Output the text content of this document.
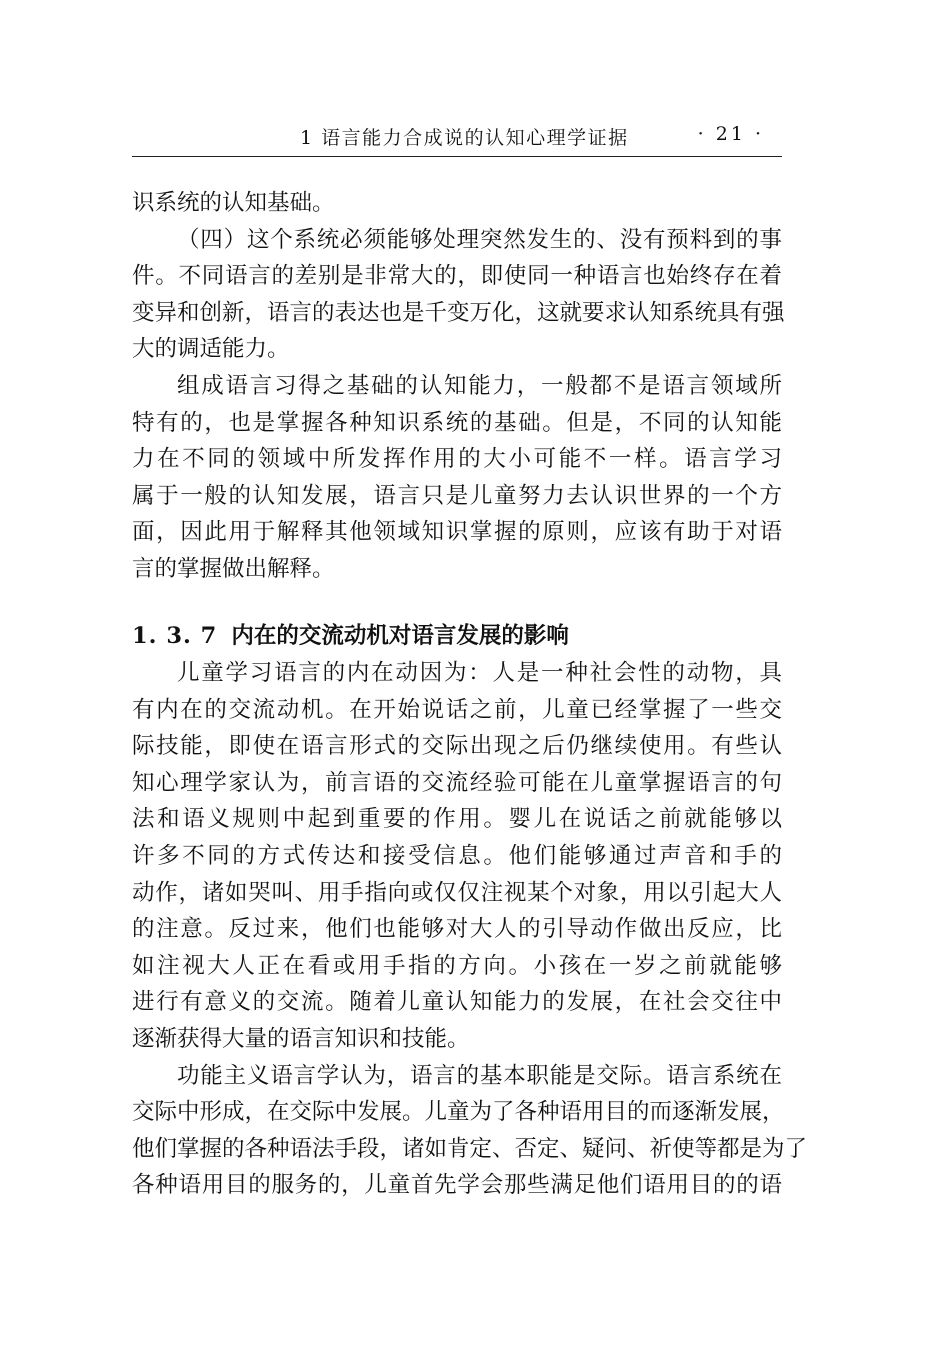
1 语言能力合成说的认知心理学证据	· 21 ·
识系统的认知基础。
（四）这个系统必须能够处理突然发生的、没有预料到的事
件。不同语言的差别是非常大的，即使同一种语言也始终存在着
变异和创新，语言的表达也是千变万化，这就要求认知系统具有强
大的调适能力。
组成语言习得之基础的认知能力，一般都不是语言领域所
特有的，也是掌握各种知识系统的基础。但是，不同的认知能
力在不同的领域中所发挥作用的大小可能不一样。语言学习
属于一般的认知发展，语言只是儿童努力去认识世界的一个方
面，因此用于解释其他领域知识掌握的原则，应该有助于对语
言的掌握做出解释。
1. 3. 7 内在的交流动机对语言发展的影响
儿童学习语言的内在动因为：人是一种社会性的动物，具
有内在的交流动机。在开始说话之前，儿童已经掌握了一些交
际技能，即使在语言形式的交际出现之后仍继续使用。有些认
知心理学家认为，前言语的交流经验可能在儿童掌握语言的句
法和语义规则中起到重要的作用。婴儿在说话之前就能够以
许多不同的方式传达和接受信息。他们能够通过声音和手的
动作，诸如哭叫、用手指向或仅仅注视某个对象，用以引起大人
的注意。反过来，他们也能够对大人的引导动作做出反应，比
如注视大人正在看或用手指的方向。小孩在一岁之前就能够
进行有意义的交流。随着儿童认知能力的发展，在社会交往中
逐渐获得大量的语言知识和技能。
功能主义语言学认为，语言的基本职能是交际。语言系统在
交际中形成，在交际中发展。儿童为了各种语用目的而逐渐发展，
他们掌握的各种语法手段，诸如肯定、否定、疑问、祈使等都是为了
各种语用目的服务的，儿童首先学会那些满足他们语用目的的语
